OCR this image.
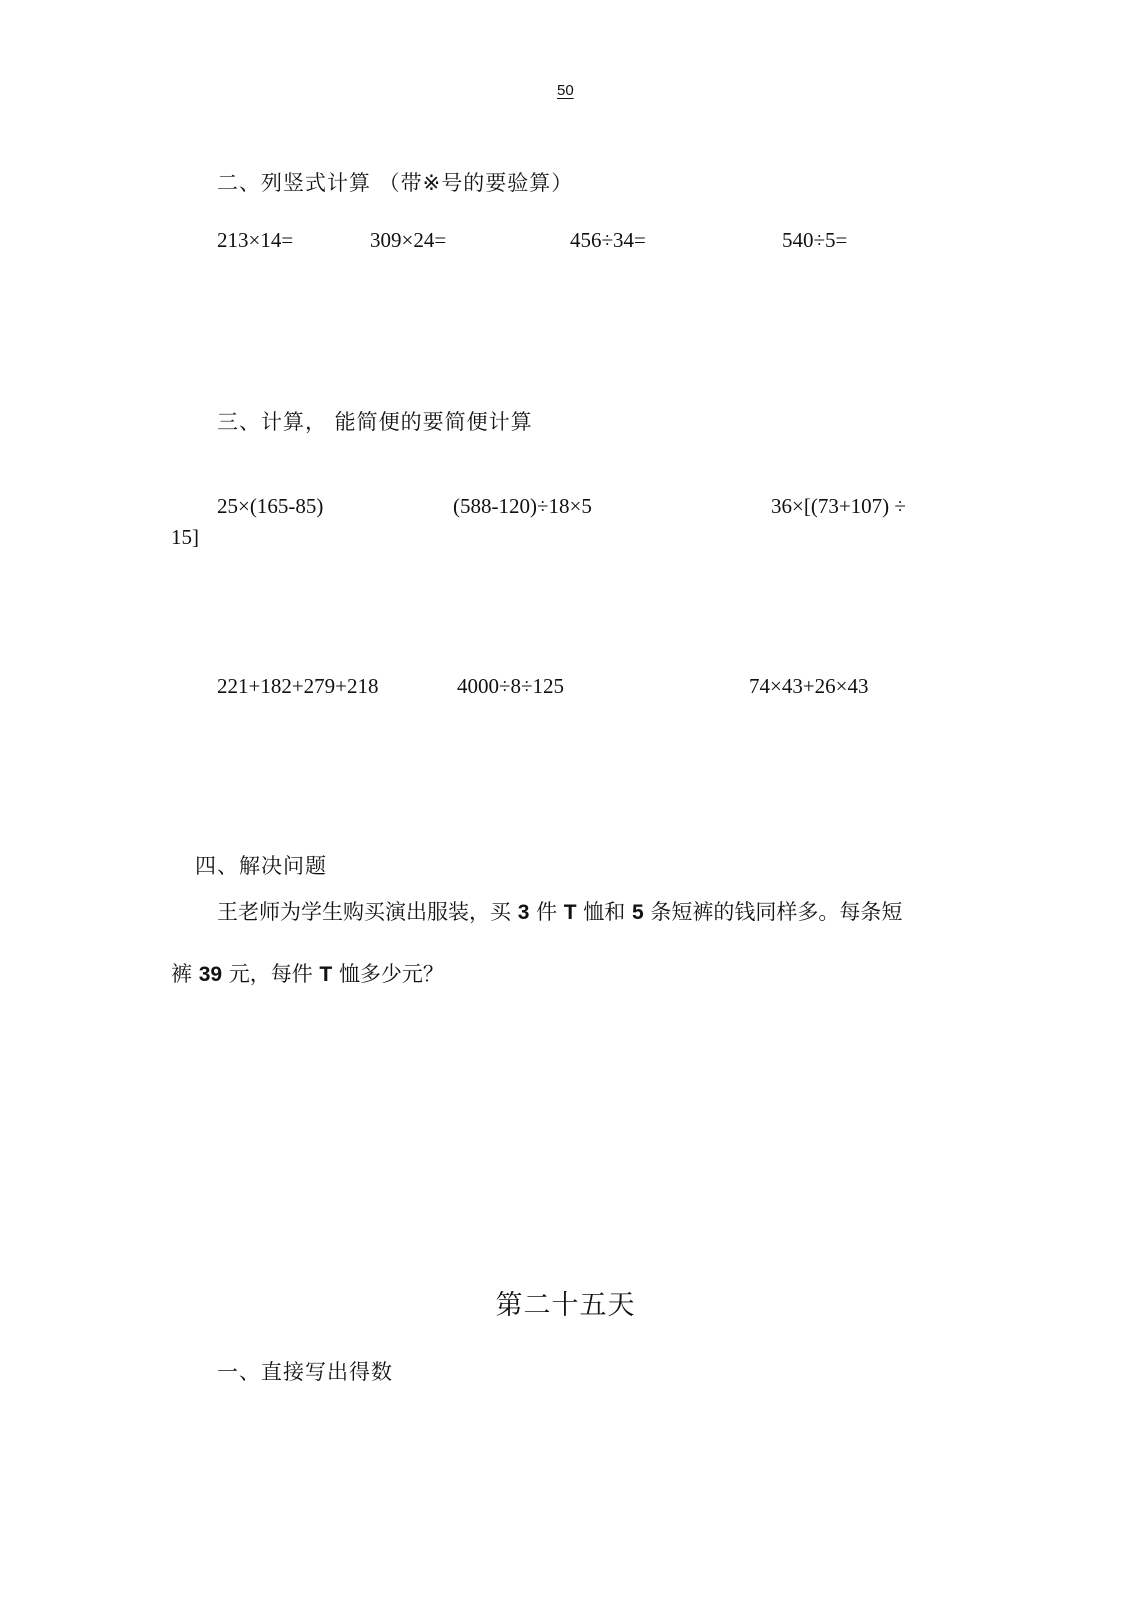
50
二、列竖式计算 （带※号的要验算）
213×14=	309×24=	456÷34=	540÷5=
三、计算， 能简便的要简便计算
25×(165-85)	(588-120)÷18×5	36×[(73+107) ÷
15]
221+182+279+218	4000÷8÷125	74×43+26×43
四、解决问题
王老师为学生购买演出服装，买 3 件 T 恤和 5 条短裤的钱同样多。每条短
裤 39 元，每件 T 恤多少元？
第二十五天
一、直接写出得数
